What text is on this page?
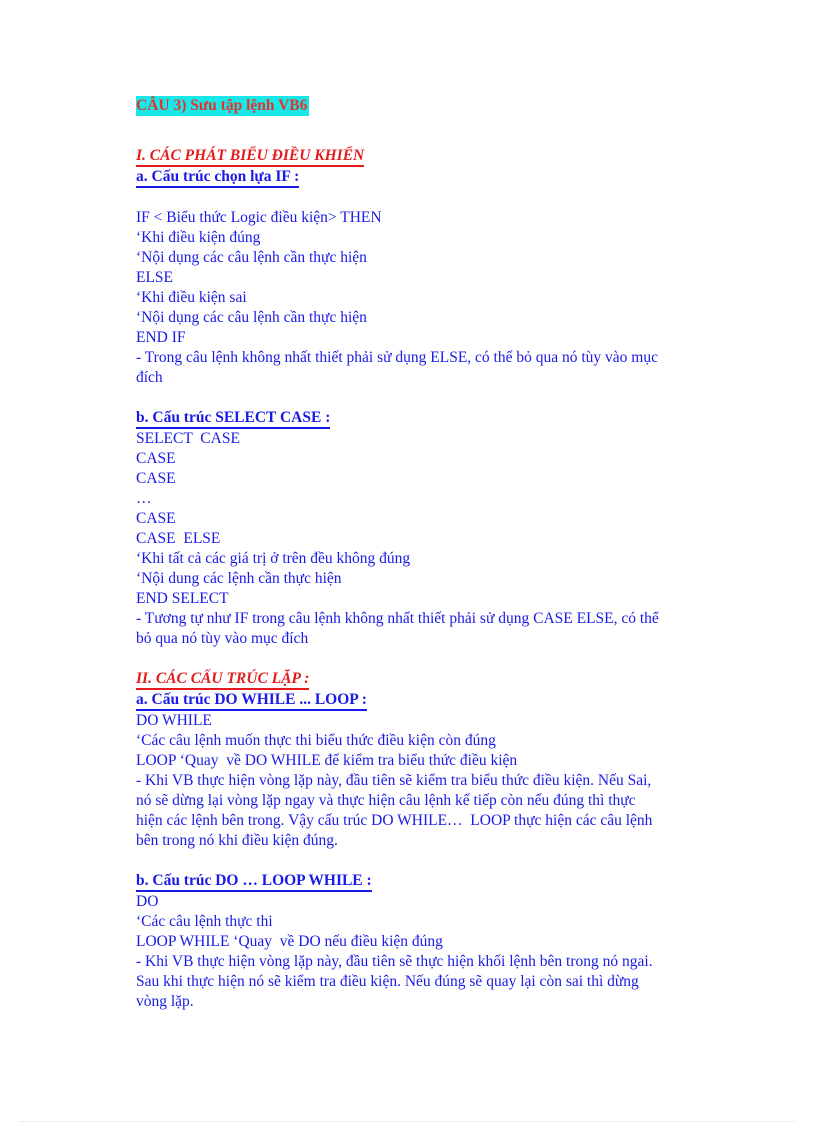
CÂU 3) Sưu tập lệnh VB6
I. CÁC PHÁT BIỂU ĐIỀU KHIỂN
a. Cấu trúc chọn lựa IF :
IF < Biểu thức Logic điều kiện> THEN
‘Khi điều kiện đúng
‘Nội dụng các câu lệnh cần thực hiện
ELSE
‘Khi điều kiện sai
‘Nội dụng các câu lệnh cần thực hiện
END IF
- Trong câu lệnh không nhất thiết phải sử dụng ELSE, có thể bỏ qua nó tùy vào mục
đích
b. Cấu trúc SELECT CASE :
SELECT  CASE
CASE
CASE
…
CASE
CASE  ELSE
‘Khi tất cả các giá trị ở trên đều không đúng
‘Nội dung các lệnh cần thực hiện
END SELECT
- Tương tự như IF trong câu lệnh không nhất thiết phải sử dụng CASE ELSE, có thể
bỏ qua nó tùy vào mục đích
II. CÁC CẤU TRÚC LẶP :
a. Cấu trúc DO WHILE ... LOOP :
DO WHILE
‘Các câu lệnh muốn thực thi biểu thức điều kiện còn đúng
LOOP ‘Quay  về DO WHILE để kiểm tra biểu thức điều kiện
- Khi VB thực hiện vòng lặp này, đầu tiên sẽ kiểm tra biểu thức điều kiện. Nếu Sai,
nó sẽ dừng lại vòng lặp ngay và thực hiện câu lệnh kế tiếp còn nếu đúng thì thực
hiện các lệnh bên trong. Vậy cấu trúc DO WHILE…  LOOP thực hiện các câu lệnh
bên trong nó khi điều kiện đúng.
b. Cấu trúc DO … LOOP WHILE :
DO
‘Các câu lệnh thực thi
LOOP WHILE ‘Quay  về DO nếu điều kiện đúng
- Khi VB thực hiện vòng lặp này, đầu tiên sẽ thực hiện khối lệnh bên trong nó ngai.
Sau khi thực hiện nó sẽ kiểm tra điều kiện. Nếu đúng sẽ quay lại còn sai thì dừng
vòng lặp.
